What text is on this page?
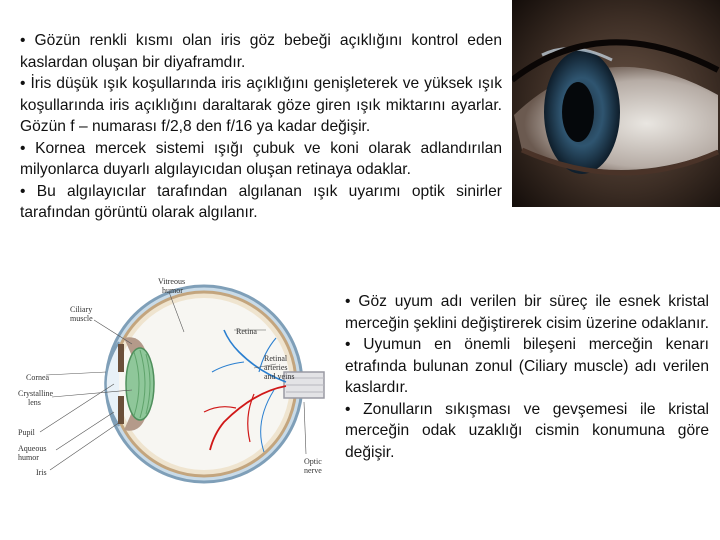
• Gözün renkli kısmı olan iris göz bebeği açıklığını kontrol eden kaslardan oluşan bir diyaframdır.

• İris düşük ışık koşullarında iris açıklığını genişleterek ve yüksek ışık koşullarında iris açıklığını daraltarak göze giren ışık miktarını ayarlar. Gözün f – numarası f/2,8 den f/16 ya kadar değişir.

• Kornea mercek sistemi ışığı çubuk ve koni olarak adlandırılan milyonlarca duyarlı algılayıcıdan oluşan retinaya odaklar.

• Bu algılayıcılar tarafından algılanan ışık uyarımı optik sinirler tarafından görüntü olarak algılanır.

Vitreous
humor
Ciliary
muscle
Retina
Retinal
arteries
and veins
Cornea
Crystalline
lens
Pupil
Aqueous
humor
Iris
Optic
nerve

• Göz uyum adı verilen bir süreç ile esnek kristal merceğin şeklini değiştirerek cisim üzerine odaklanır.

• Uyumun en önemli bileşeni merceğin kenarı etrafında bulunan zonul (Ciliary muscle) adı verilen kaslardır.

• Zonulların sıkışması ve gevşemesi ile kristal merceğin odak uzaklığı cismin konumuna göre değişir.
